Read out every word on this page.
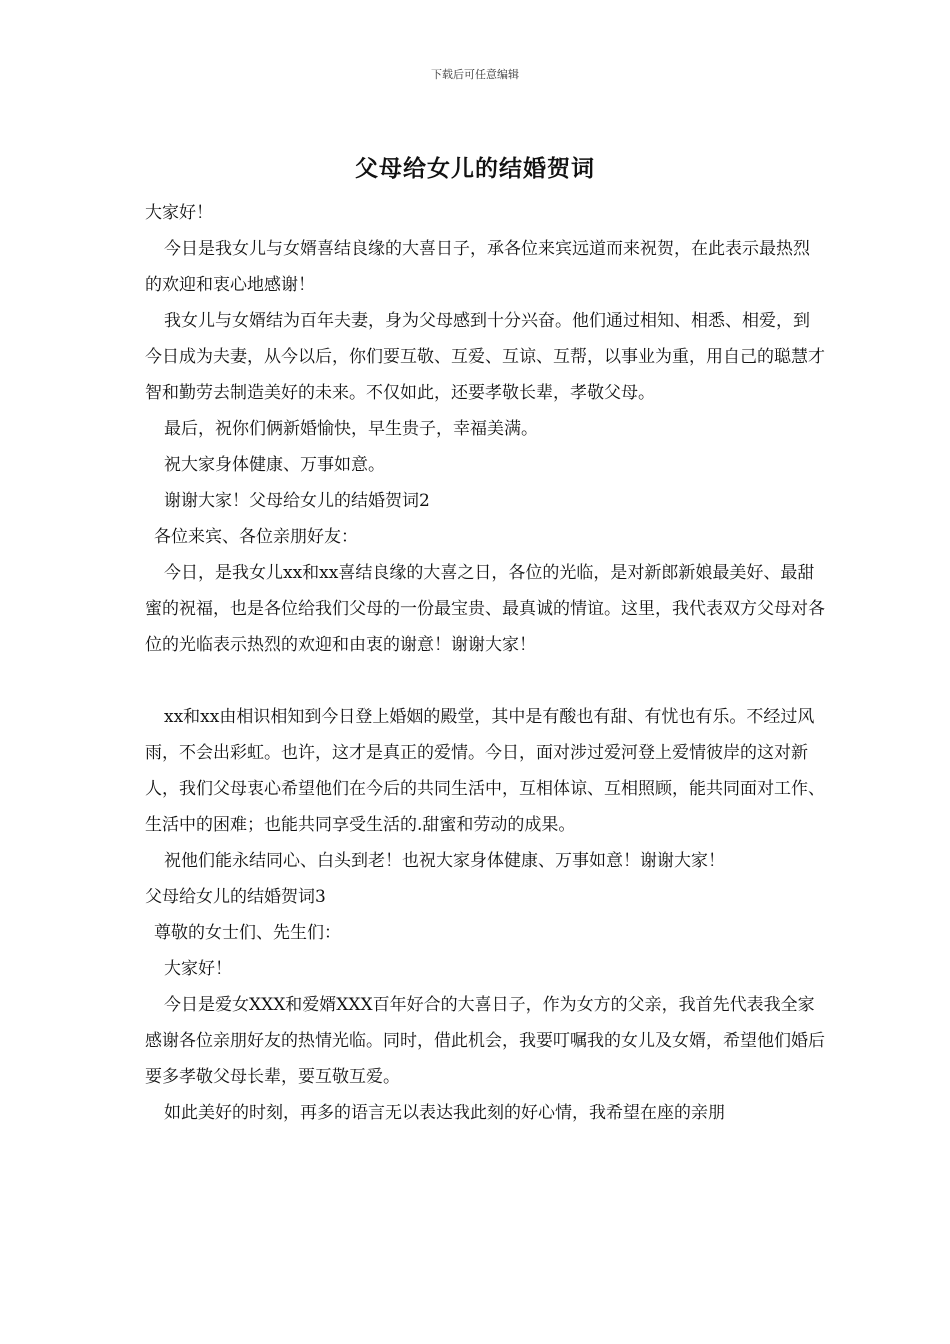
下载后可任意编辑
父母给女儿的结婚贺词

大家好！

今日是我女儿与女婿喜结良缘的大喜日子，承各位来宾远道而来祝贺，在此表示最热烈的欢迎和衷心地感谢！

我女儿与女婿结为百年夫妻，身为父母感到十分兴奋。他们通过相知、相悉、相爱，到今日成为夫妻，从今以后，你们要互敬、互爱、互谅、互帮，以事业为重，用自己的聪慧才智和勤劳去制造美好的未来。不仅如此，还要孝敬长辈，孝敬父母。

最后，祝你们俩新婚愉快，早生贵子，幸福美满。

祝大家身体健康、万事如意。

谢谢大家！父母给女儿的结婚贺词2

各位来宾、各位亲朋好友：

今日，是我女儿xx和xx喜结良缘的大喜之日，各位的光临，是对新郎新娘最美好、最甜蜜的祝福，也是各位给我们父母的一份最宝贵、最真诚的情谊。这里，我代表双方父母对各位的光临表示热烈的欢迎和由衷的谢意！谢谢大家！

xx和xx由相识相知到今日登上婚姻的殿堂，其中是有酸也有甜、有忧也有乐。不经过风雨，不会出彩虹。也许，这才是真正的爱情。今日，面对涉过爱河登上爱情彼岸的这对新人，我们父母衷心希望他们在今后的共同生活中，互相体谅、互相照顾，能共同面对工作、生活中的困难；也能共同享受生活的.甜蜜和劳动的成果。

祝他们能永结同心、白头到老！也祝大家身体健康、万事如意！谢谢大家！

父母给女儿的结婚贺词3

尊敬的女士们、先生们：

大家好！

今日是爱女XXX和爱婿XXX百年好合的大喜日子，作为女方的父亲，我首先代表我全家感谢各位亲朋好友的热情光临。同时，借此机会，我要叮嘱我的女儿及女婿，希望他们婚后要多孝敬父母长辈，要互敬互爱。

如此美好的时刻，再多的语言无以表达我此刻的好心情，我希望在座的亲朋
